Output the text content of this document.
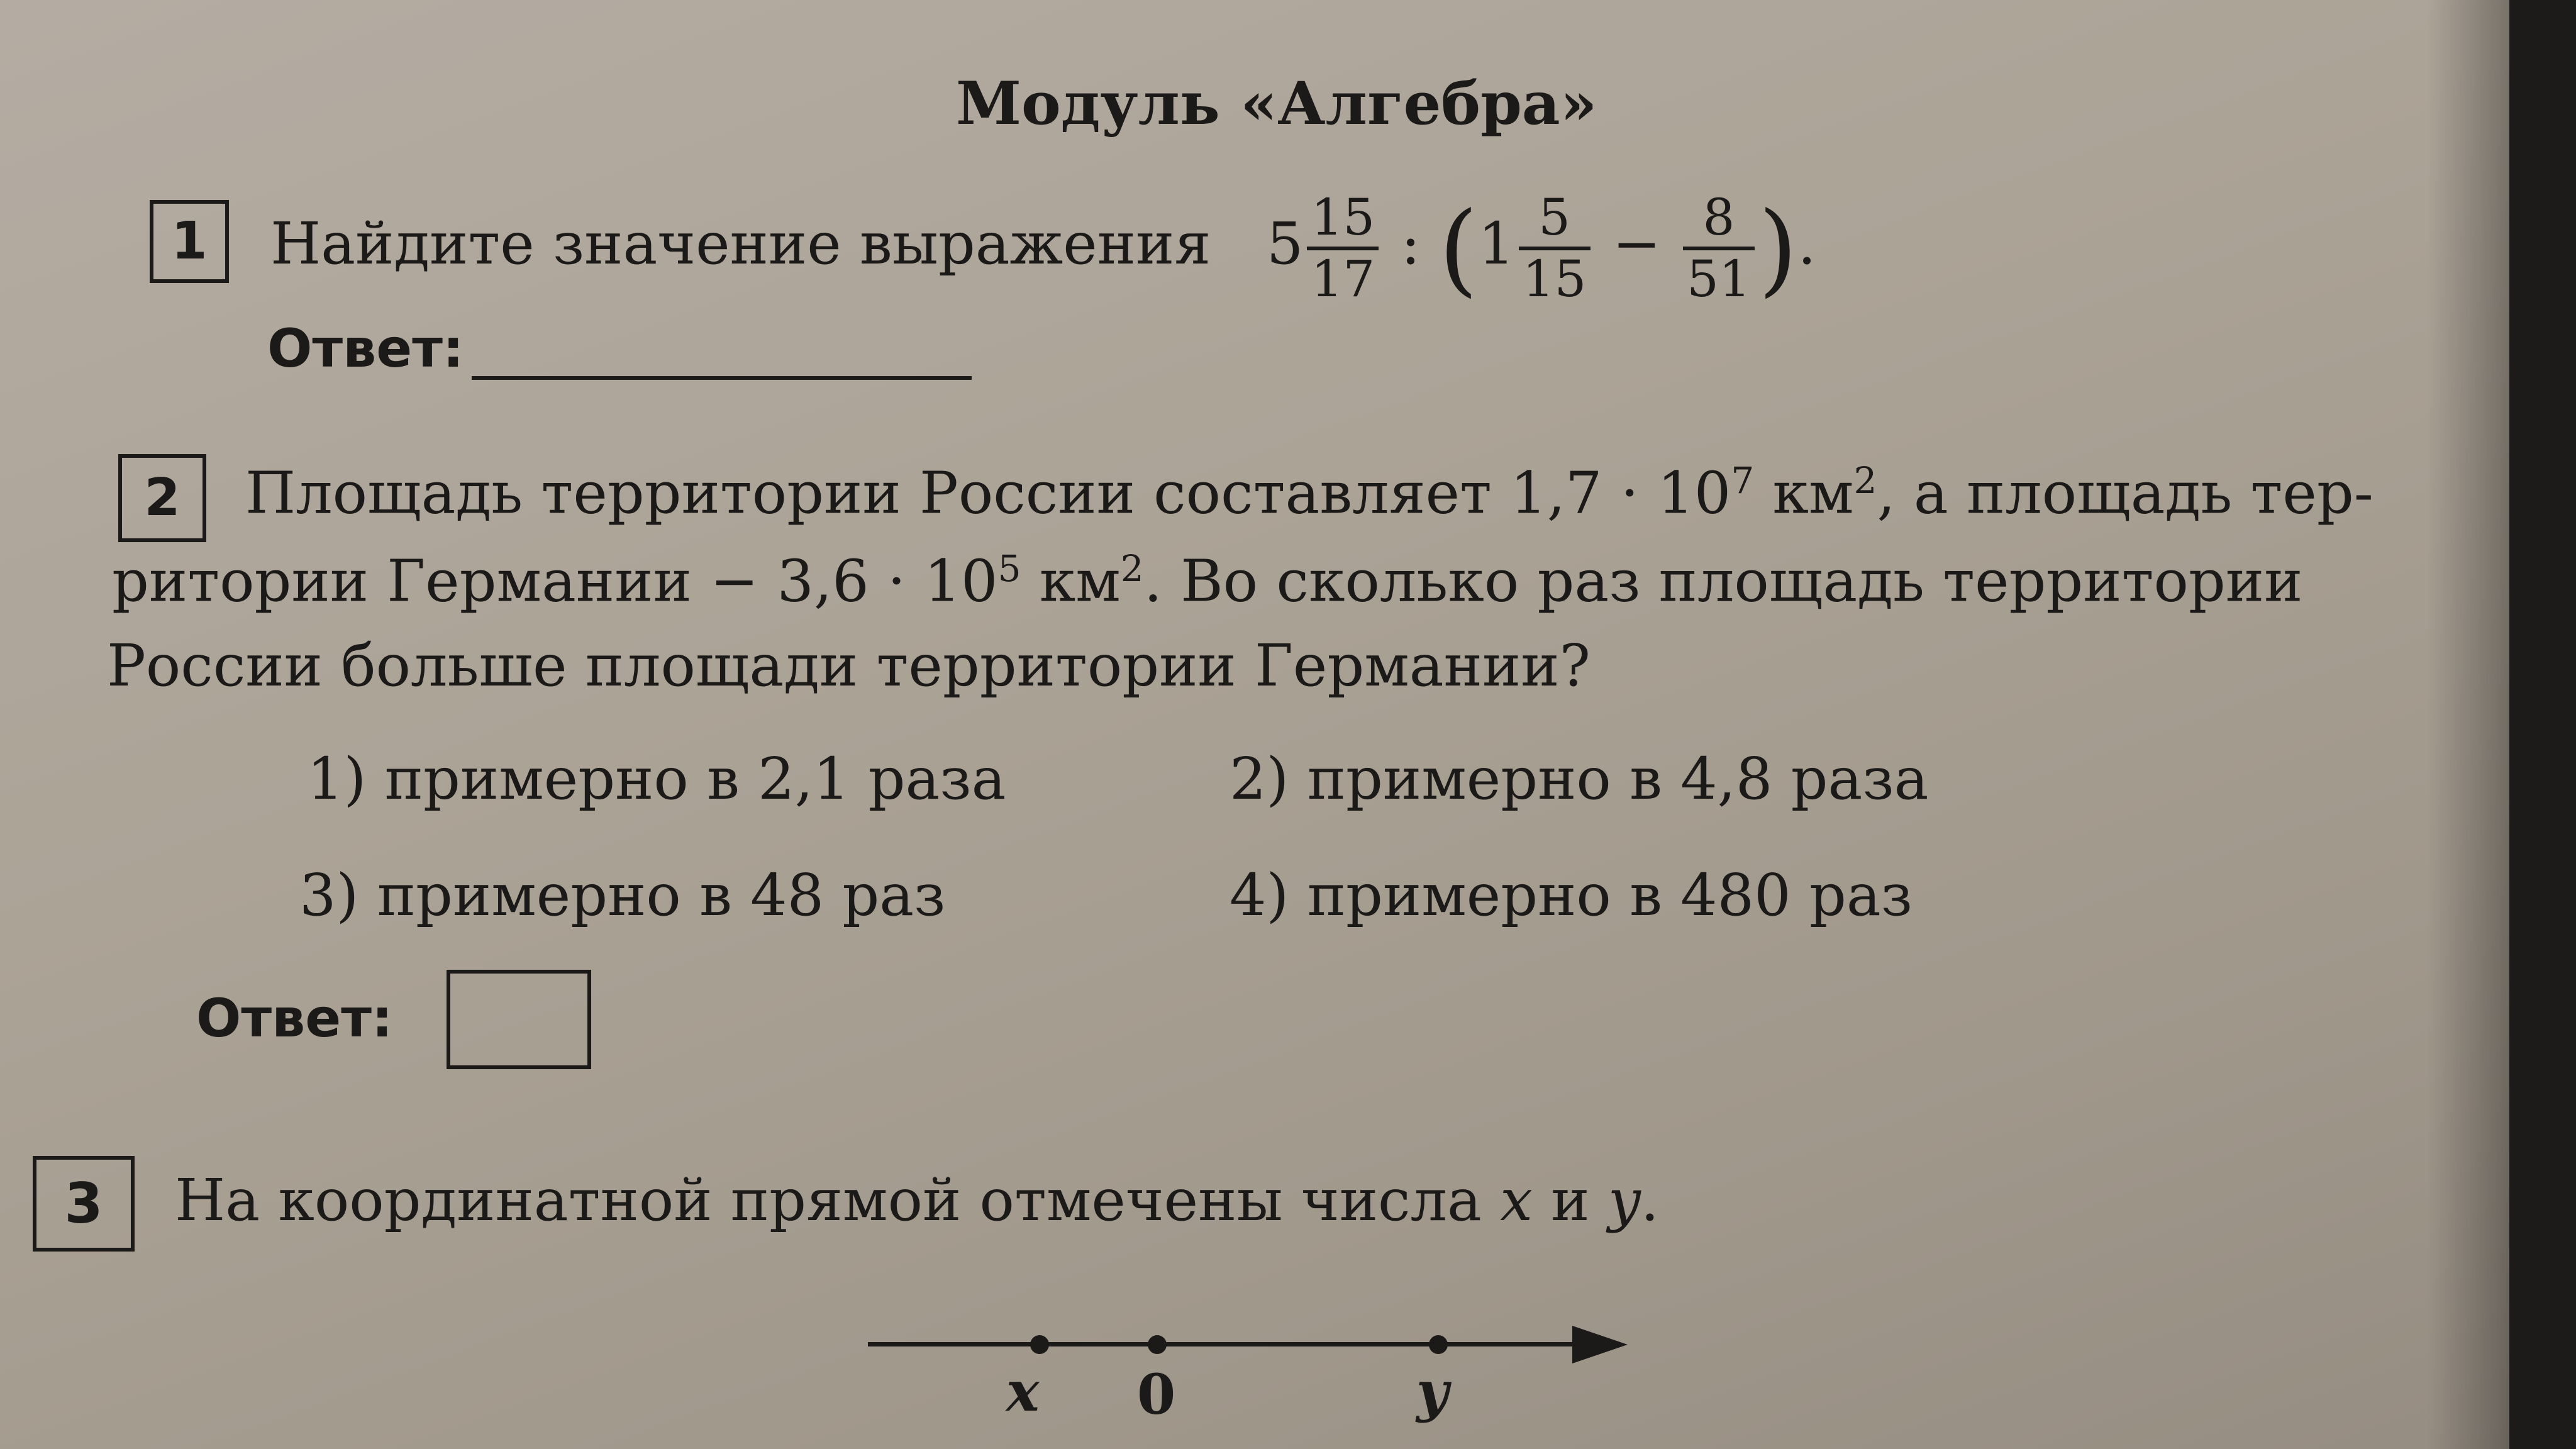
Модуль «Алгебра»
1	Найдите значение выражения $5 \frac{15}{17}$ : ($1 \frac{5}{15} - \frac{8}{51}$ ).
Ответ:
2	Площадь территории России составляет $1,7 \cdot 10^7$ $км^2$, а площадь тер-
ритории Германии − $3,6 \cdot 10^5$ $км^2$. Во сколько раз площадь территории
России больше площади территории Германии?
1) примерно в 2,1 раза	2) примерно в 4,8 раза
3) примерно в 48 раз	4) примерно в 480 раз
Ответ:
3	На координатной прямой отмечены числа x и y.
x 0	y
